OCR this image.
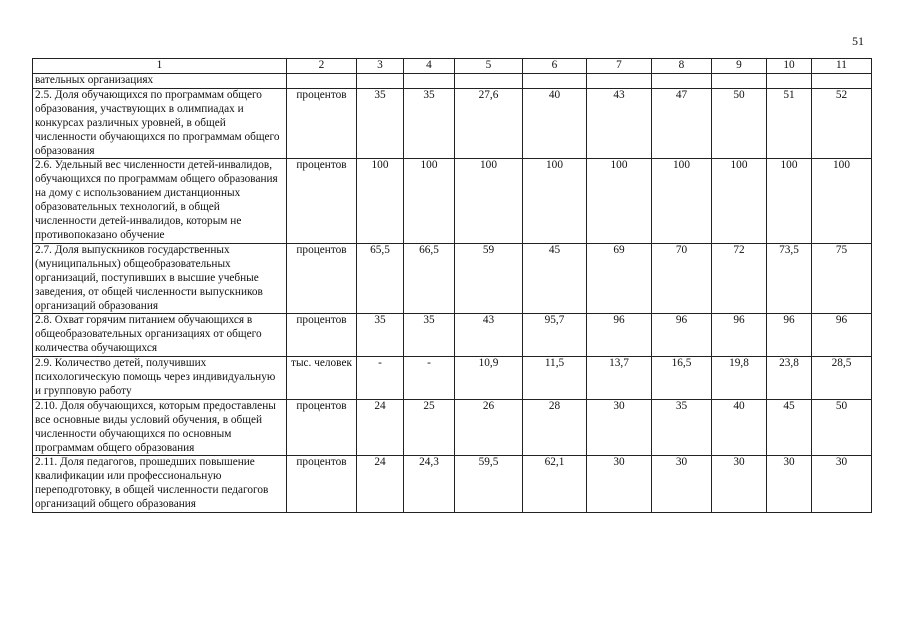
51
1	2	3	4	5	6	7	8	9	10	11
вательных организациях										
2.5. Доля обучающихся по программам общего образования, участвующих в олимпиадах и конкурсах различных уровней, в общей численности обучающихся по программам общего образования	процентов	35	35	27,6	40	43	47	50	51	52
2.6. Удельный вес численности детей-инвалидов, обучающихся по программам общего образования на дому с использованием дистанционных образовательных технологий, в общей численности детей-инвалидов, которым не противопоказано обучение	процентов	100	100	100	100	100	100	100	100	100
2.7. Доля выпускников государственных (муниципальных) общеобразовательных организаций, поступивших в высшие учебные заведения, от общей численности выпускников организаций образования	процентов	65,5	66,5	59	45	69	70	72	73,5	75
2.8. Охват горячим питанием обучающихся в общеобразовательных организациях от общего количества обучающихся	процентов	35	35	43	95,7	96	96	96	96	96
2.9. Количество детей, получивших психологическую помощь через индивидуальную и групповую работу	тыс. человек	-	-	10,9	11,5	13,7	16,5	19,8	23,8	28,5
2.10. Доля обучающихся, которым предоставлены все основные виды условий обучения, в общей численности обучающихся по основным программам общего образования	процентов	24	25	26	28	30	35	40	45	50
2.11. Доля педагогов, прошедших повышение квалификации или профессиональную переподготовку, в общей численности педагогов организаций общего образования	процентов	24	24,3	59,5	62,1	30	30	30	30	30
